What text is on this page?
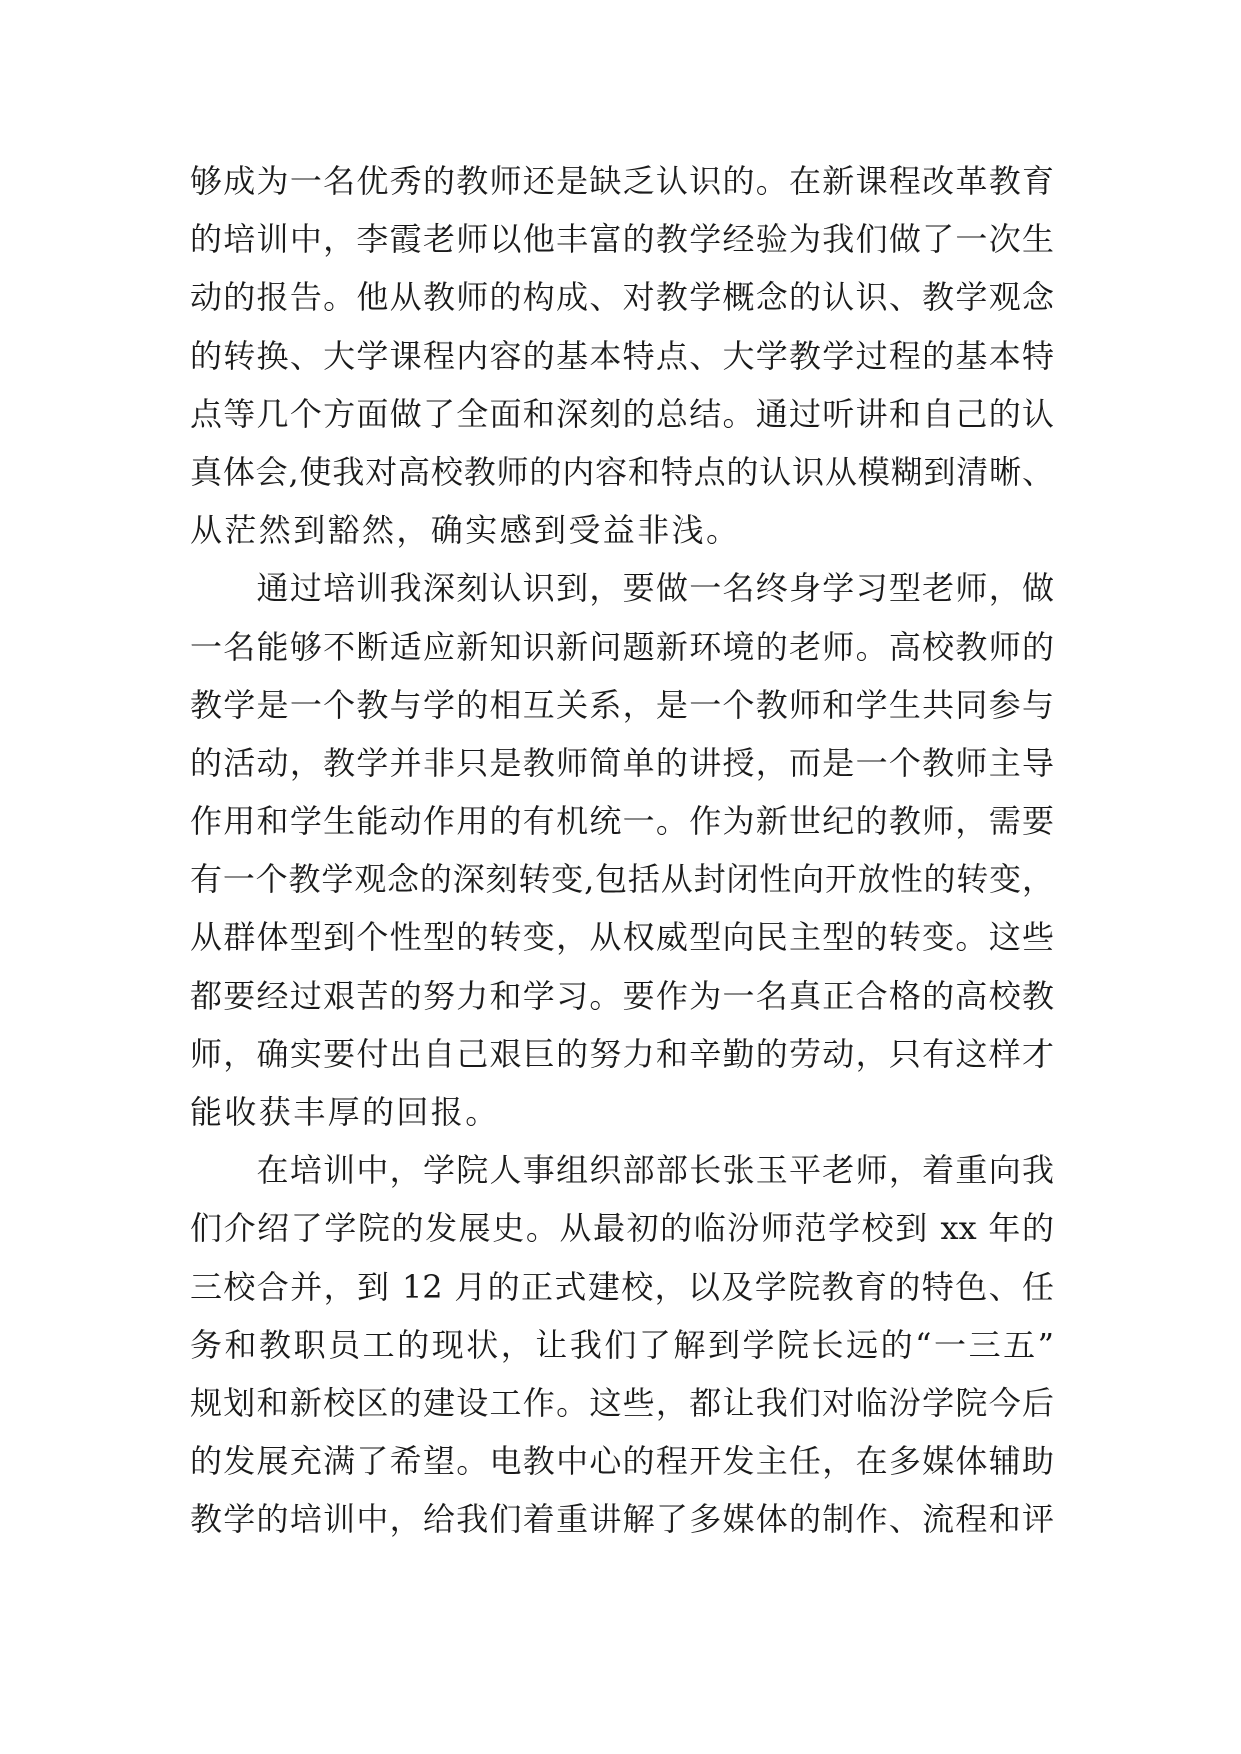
够成为一名优秀的教师还是缺乏认识的。在新课程改革教育
的培训中，李霞老师以他丰富的教学经验为我们做了一次生
动的报告。他从教师的构成、对教学概念的认识、教学观念
的转换、大学课程内容的基本特点、大学教学过程的基本特
点等几个方面做了全面和深刻的总结。通过听讲和自己的认
真体会,使我对高校教师的内容和特点的认识从模糊到清晰、
从茫然到豁然，确实感到受益非浅。
　　通过培训我深刻认识到，要做一名终身学习型老师，做
一名能够不断适应新知识新问题新环境的老师。高校教师的
教学是一个教与学的相互关系，是一个教师和学生共同参与
的活动，教学并非只是教师简单的讲授，而是一个教师主导
作用和学生能动作用的有机统一。作为新世纪的教师，需要
有一个教学观念的深刻转变,包括从封闭性向开放性的转变，
从群体型到个性型的转变，从权威型向民主型的转变。这些
都要经过艰苦的努力和学习。要作为一名真正合格的高校教
师，确实要付出自己艰巨的努力和辛勤的劳动，只有这样才
能收获丰厚的回报。
　　在培训中，学院人事组织部部长张玉平老师，着重向我
们介绍了学院的发展史。从最初的临汾师范学校到 xx 年的
三校合并，到 12 月的正式建校，以及学院教育的特色、任
务和教职员工的现状，让我们了解到学院长远的“一三五”
规划和新校区的建设工作。这些，都让我们对临汾学院今后
的发展充满了希望。电教中心的程开发主任，在多媒体辅助
教学的培训中，给我们着重讲解了多媒体的制作、流程和评
